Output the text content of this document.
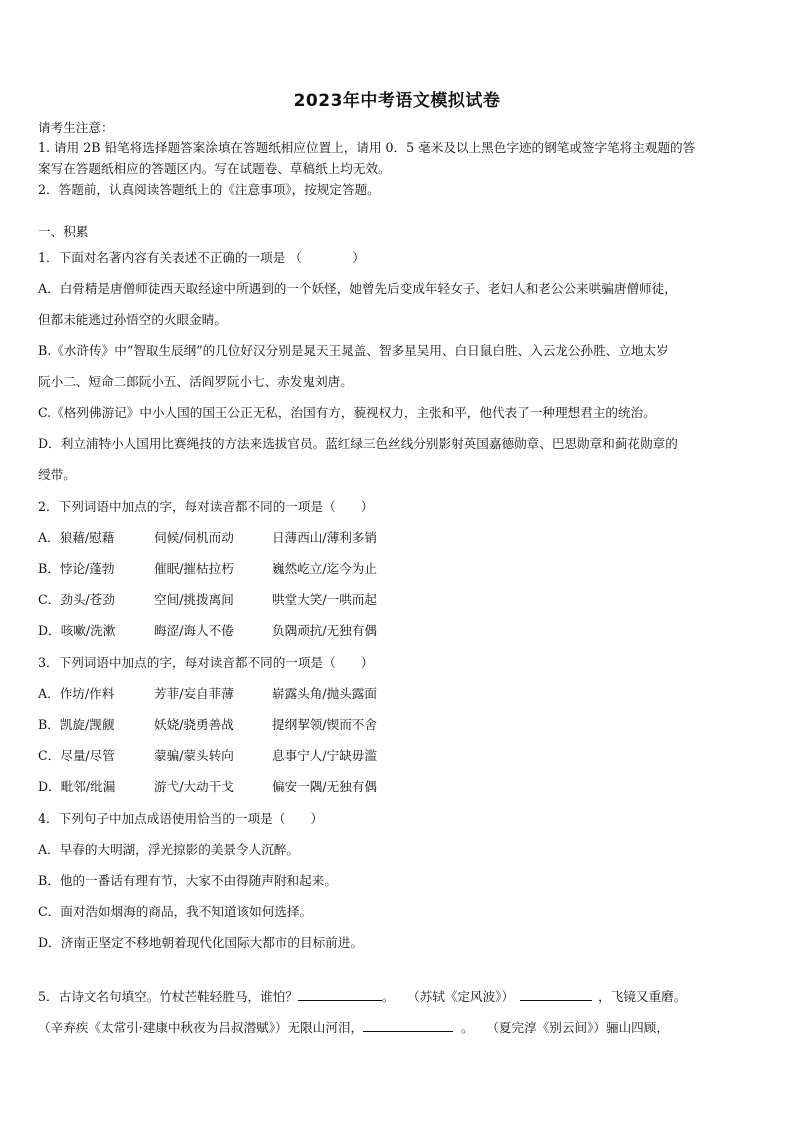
2023年中考语文模拟试卷
请考生注意：
1. 请用 2B 铅笔将选择题答案涂填在答题纸相应位置上，请用 0．5 毫米及以上黑色字迹的钢笔或签字笔将主观题的答
案写在答题纸相应的答题区内。写在试题卷、草稿纸上均无效。
2．答题前，认真阅读答题纸上的《注意事项》，按规定答题。
一、积累
1．下面对名著内容有关表述不正确的一项是 （　　　　）
A．白骨精是唐僧师徒西天取经途中所遇到的一个妖怪，她曾先后变成年轻女子、老妇人和老公公来哄骗唐僧师徒，
但都未能逃过孙悟空的火眼金睛。
B.《水浒传》中“智取生辰纲”的几位好汉分别是晁天王晁盖、智多星吴用、白日鼠白胜、入云龙公孙胜、立地太岁
阮小二、短命二郎阮小五、活阎罗阮小七、赤发鬼刘唐。
C.《格列佛游记》中小人国的国王公正无私，治国有方，藐视权力，主张和平，他代表了一种理想君主的统治。
D．利立浦特小人国用比赛绳技的方法来选拔官员。蓝红绿三色丝线分别影射英国嘉德勋章、巴思勋章和蓟花勋章的
绶带。
2．下列词语中加点的字，每对读音都不同的一项是（　　）
A．狼藉/慰藉	伺候/伺机而动	日薄西山/薄利多销
B．悖论/蓬勃	催眠/摧枯拉朽	巍然屹立/迄今为止
C．劲头/苍劲	空间/挑拨离间	哄堂大笑/一哄而起
D．咳嗽/洗漱	晦涩/诲人不倦	负隅顽抗/无独有偶
3．下列词语中加点的字，每对读音都不同的一项是（　　）
A．作坊/作料	芳菲/妄自菲薄	崭露头角/抛头露面
B．凯旋/觊觎	妖娆/骁勇善战	提纲挈领/锲而不舍
C．尽量/尽管	蒙骗/蒙头转向	息事宁人/宁缺毋滥
D．毗邻/纰漏	游弋/大动干戈	偏安一隅/无独有偶
4．下列句子中加点成语使用恰当的一项是（　　）
A．早春的大明湖，浮光掠影的美景令人沉醉。
B．他的一番话有理有节，大家不由得随声附和起来。
C．面对浩如烟海的商品，我不知道该如何选择。
D．济南正坚定不移地朝着现代化国际大都市的目标前进。
5．古诗文名句填空。竹杖芒鞋轻胜马，谁怕？	。　　（苏轼《定风波》）	，飞镜又重磨。
（辛弃疾《太常引·建康中秋夜为吕叔潜赋》）无限山河泪，	。　　（夏完淳《别云间》）骊山四顾，
